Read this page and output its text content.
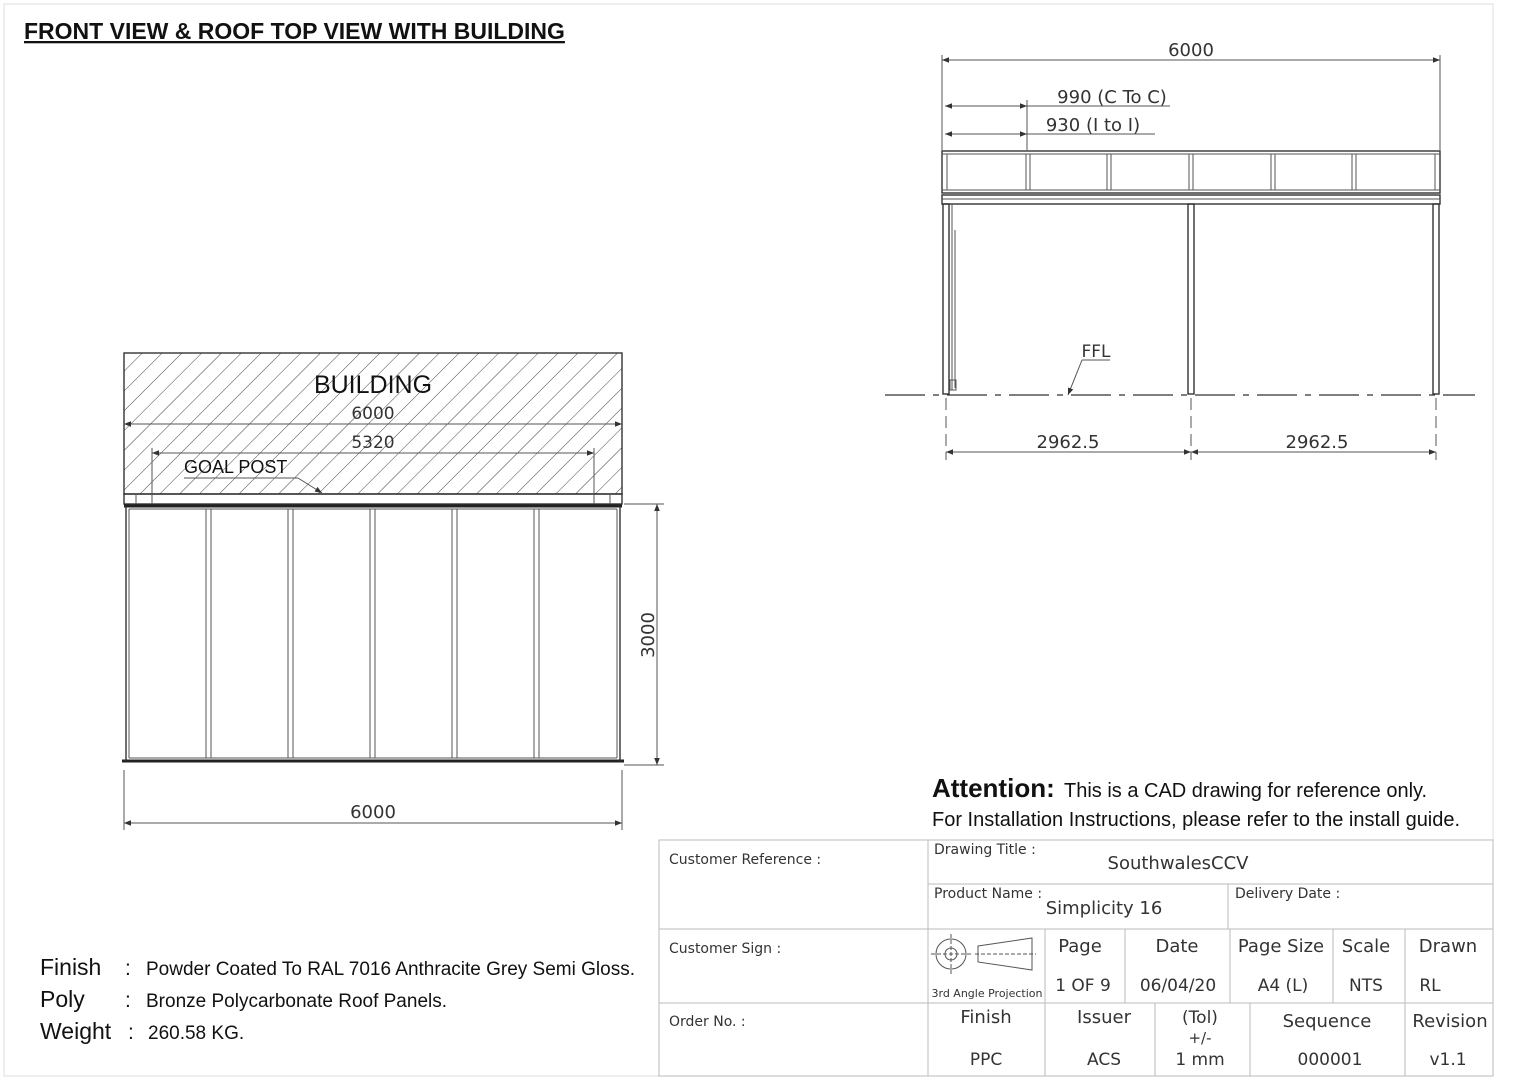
FRONT VIEW & ROOF TOP VIEW WITH BUILDING
6000
990 (C To C)
930 (I to I)
FFL
2962.5	2962.5
BUILDING
6000
5320
GOAL POST
3000
6000
Finish : Powder Coated To RAL 7016 Anthracite Grey Semi Gloss.
Poly : Bronze Polycarbonate Roof Panels.
Weight : 260.58 KG.
Attention: This is a CAD drawing for reference only.
For Installation Instructions, please refer to the install guide.
Customer Reference :
Customer Sign :
Order No. :
Drawing Title :
SouthwalesCCV
Product Name :
Simplicity 16
Delivery Date :
3rd Angle Projection
Page
1 OF 9
Date
06/04/20
Page Size
A4 (L)
Scale
NTS
Drawn
RL
Finish
PPC
Issuer
ACS
(Tol)
+/-
1 mm
Sequence
000001
Revision
v1.1
